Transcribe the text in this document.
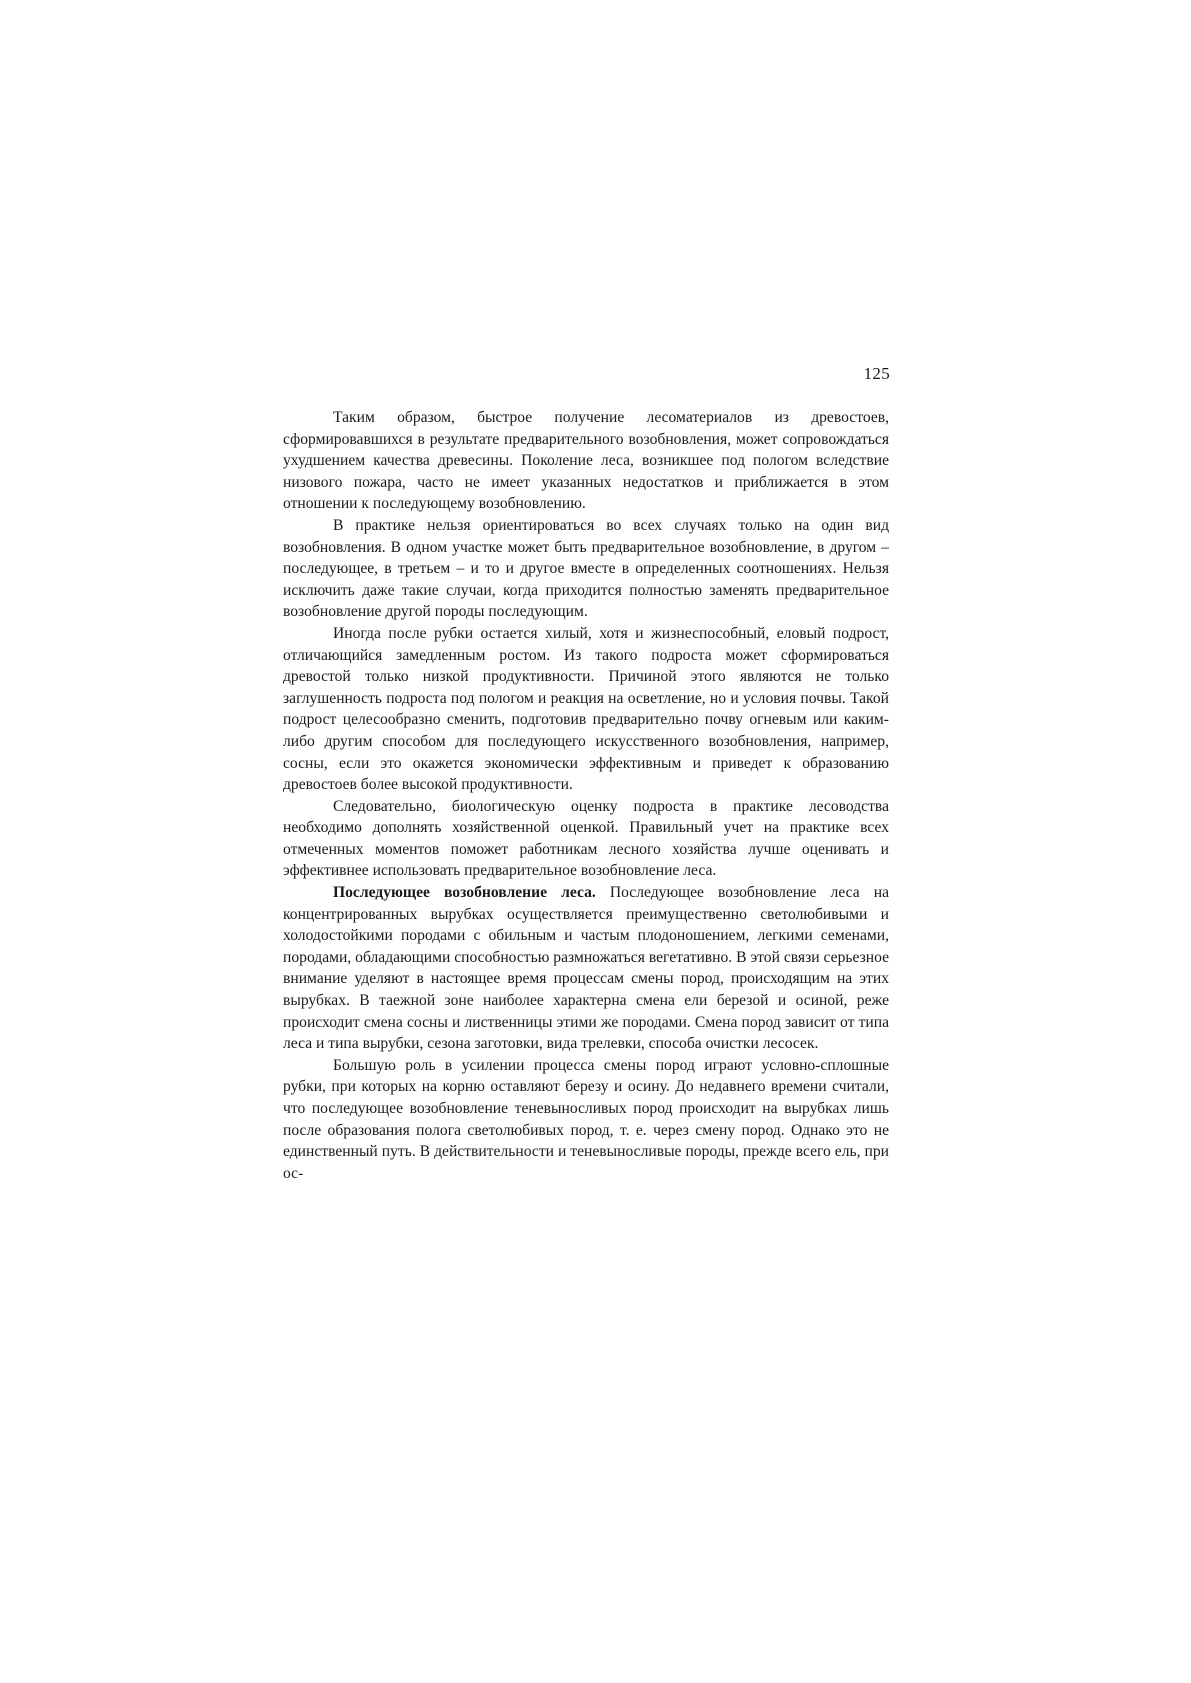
125

Таким образом, быстрое получение лесоматериалов из древостоев, сформировавшихся в результате предварительного возобновления, может сопровождаться ухудшением качества древесины. Поколение леса, возникшее под пологом вследствие низового пожара, часто не имеет указанных недостатков и приближается в этом отношении к последующему возобновлению.

В практике нельзя ориентироваться во всех случаях только на один вид возобновления. В одном участке может быть предварительное возобновление, в другом – последующее, в третьем – и то и другое вместе в определенных соотношениях. Нельзя исключить даже такие случаи, когда приходится полностью заменять предварительное возобновление другой породы последующим.

Иногда после рубки остается хилый, хотя и жизнеспособный, еловый подрост, отличающийся замедленным ростом. Из такого подроста может сформироваться древостой только низкой продуктивности. Причиной этого являются не только заглушенность подроста под пологом и реакция на осветление, но и условия почвы. Такой подрост целесообразно сменить, подготовив предварительно почву огневым или каким-либо другим способом для последующего искусственного возобновления, например, сосны, если это окажется экономически эффективным и приведет к образованию древостоев более высокой продуктивности.

Следовательно, биологическую оценку подроста в практике лесоводства необходимо дополнять хозяйственной оценкой. Правильный учет на практике всех отмеченных моментов поможет работникам лесного хозяйства лучше оценивать и эффективнее использовать предварительное возобновление леса.

Последующее возобновление леса. Последующее возобновление леса на концентрированных вырубках осуществляется преимущественно светолюбивыми и холодостойкими породами с обильным и частым плодоношением, легкими семенами, породами, обладающими способностью размножаться вегетативно. В этой связи серьезное внимание уделяют в настоящее время процессам смены пород, происходящим на этих вырубках. В таежной зоне наиболее характерна смена ели березой и осиной, реже происходит смена сосны и лиственницы этими же породами. Смена пород зависит от типа леса и типа вырубки, сезона заготовки, вида трелевки, способа очистки лесосек.

Большую роль в усилении процесса смены пород играют условно-сплошные рубки, при которых на корню оставляют березу и осину. До недавнего времени считали, что последующее возобновление теневыносливых пород происходит на вырубках лишь после образования полога светолюбивых пород, т. е. через смену пород. Однако это не единственный путь. В действительности и теневыносливые породы, прежде всего ель, при ос-
